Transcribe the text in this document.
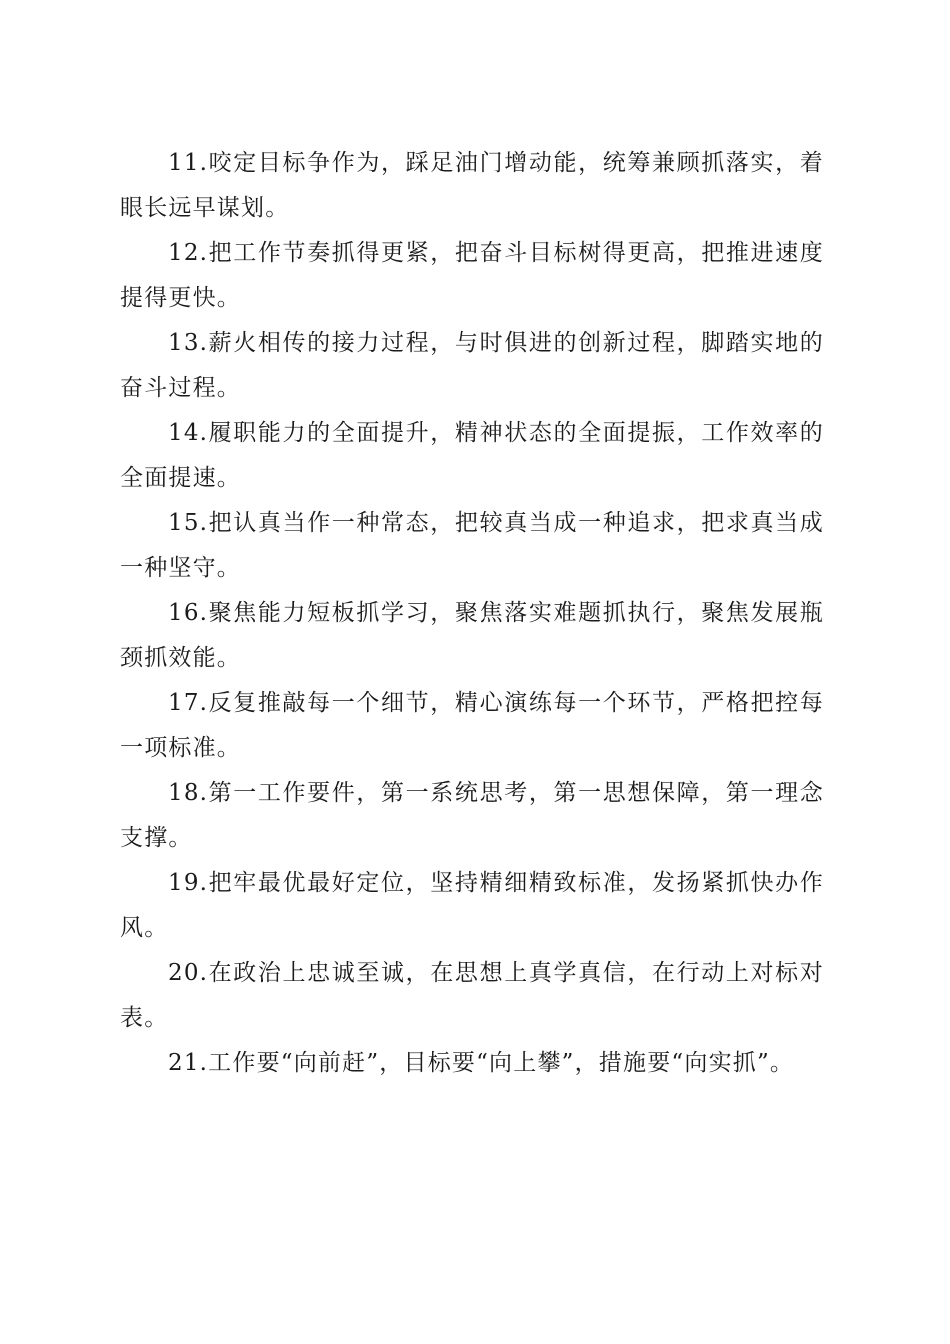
11.咬定目标争作为，踩足油门增动能，统筹兼顾抓落实，着眼长远早谋划。

12.把工作节奏抓得更紧，把奋斗目标树得更高，把推进速度提得更快。

13.薪火相传的接力过程，与时俱进的创新过程，脚踏实地的奋斗过程。

14.履职能力的全面提升，精神状态的全面提振，工作效率的全面提速。

15.把认真当作一种常态，把较真当成一种追求，把求真当成一种坚守。

16.聚焦能力短板抓学习，聚焦落实难题抓执行，聚焦发展瓶颈抓效能。

17.反复推敲每一个细节，精心演练每一个环节，严格把控每一项标准。

18.第一工作要件，第一系统思考，第一思想保障，第一理念支撑。

19.把牢最优最好定位，坚持精细精致标准，发扬紧抓快办作风。

20.在政治上忠诚至诚，在思想上真学真信，在行动上对标对表。

21.工作要“向前赶”，目标要“向上攀”，措施要“向实抓”。
